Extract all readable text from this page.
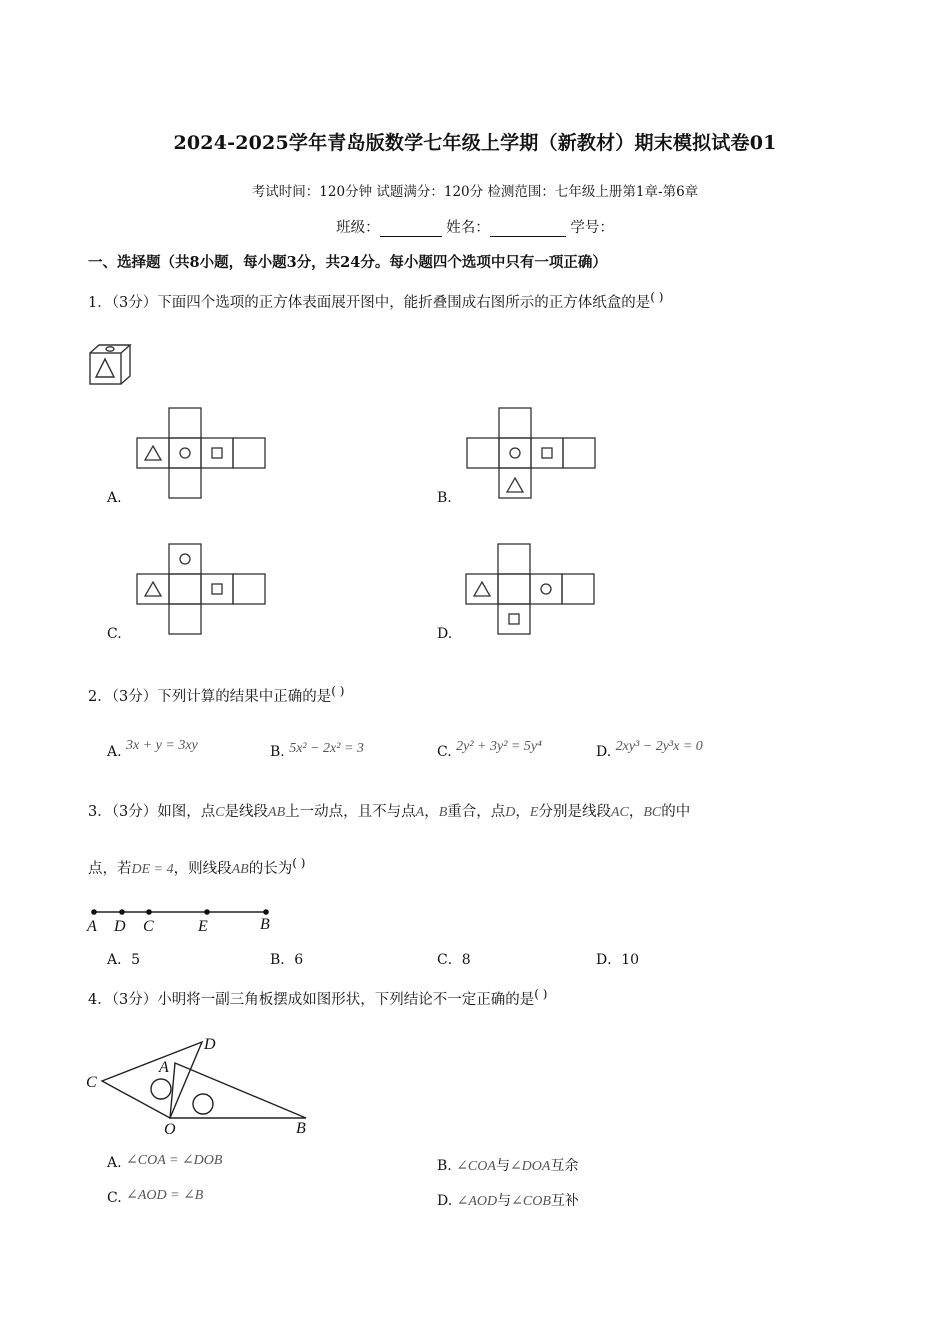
2024-2025学年青岛版数学七年级上学期（新教材）期末模拟试卷01
考试时间：120分钟 试题满分：120分 检测范围：七年级上册第1章-第6章
班级：	姓名：	学号：
一、选择题（共8小题，每小题3分，共24分。每小题四个选项中只有一项正确）
1．（3分）下面四个选项的正方体表面展开图中，能折叠围成右图所示的正方体纸盒的是( )
A.	B.
C.	D.
2．（3分）下列计算的结果中正确的是( )
A. 3x + y = 3xy	B. 5x² − 2x² = 3	C. 2y² + 3y² = 5y⁴	D. 2xy³ − 2y³x = 0
3．（3分）如图，点C是线段AB上一动点，且不与点A，B重合，点D，E分别是线段AC，BC的中
点，若DE = 4，则线段AB的长为( )
A D C	E	B
A．5	B．6	C．8	D．10
4．（3分）小明将一副三角板摆成如图形状，下列结论不一定正确的是( )
C
A
D
O	B
A. ∠COA = ∠DOB	B. ∠COA与∠DOA互余
C. ∠AOD = ∠B	D. ∠AOD与∠COB互补
